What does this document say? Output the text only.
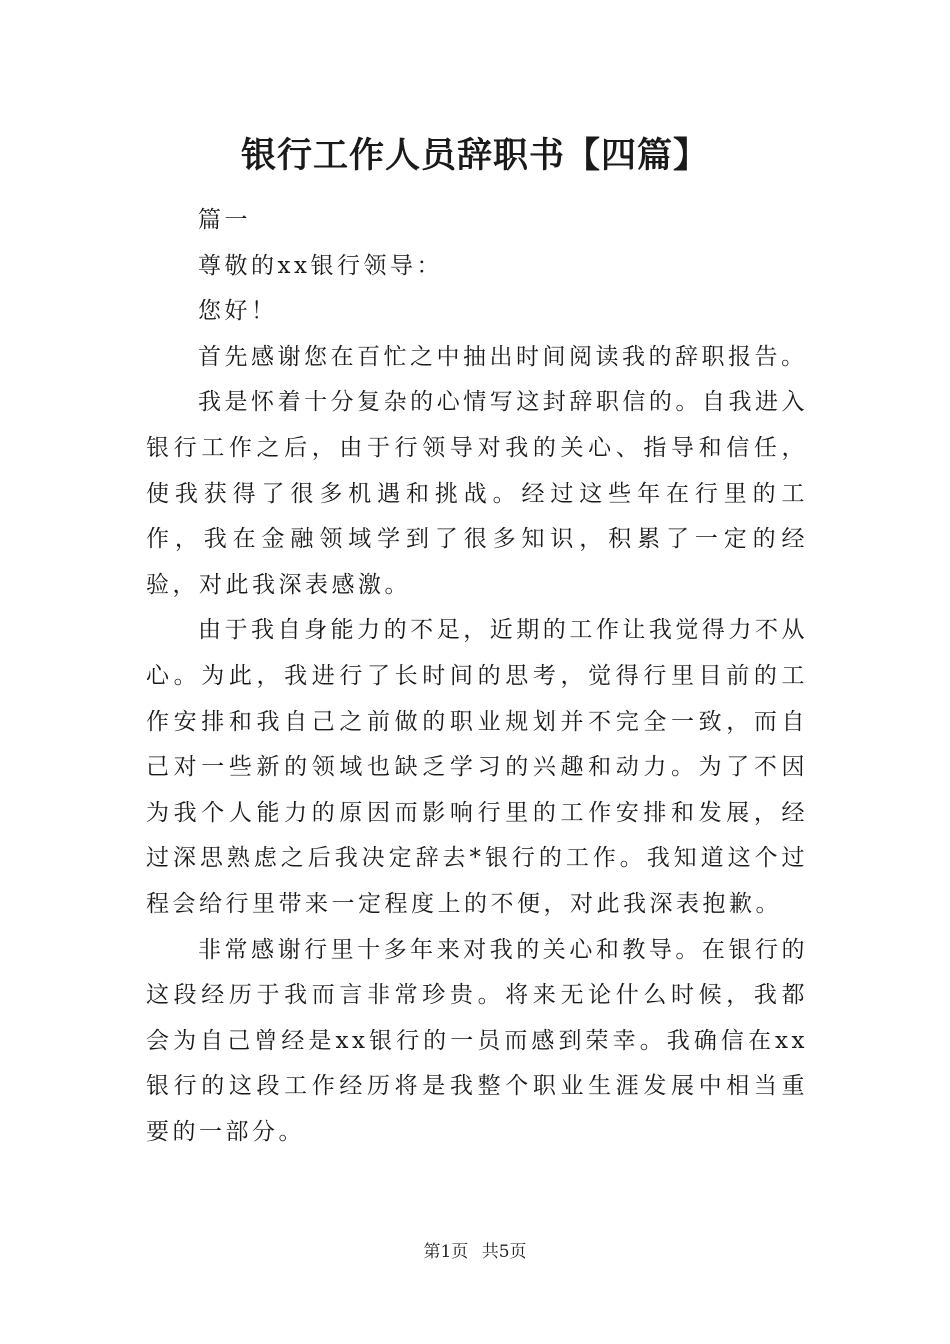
银行工作人员辞职书【四篇】

篇一

尊敬的xx银行领导：

您好！

首先感谢您在百忙之中抽出时间阅读我的辞职报告。

我是怀着十分复杂的心情写这封辞职信的。自我进入银行工作之后，由于行领导对我的关心、指导和信任，使我获得了很多机遇和挑战。经过这些年在行里的工作，我在金融领域学到了很多知识，积累了一定的经验，对此我深表感激。

由于我自身能力的不足，近期的工作让我觉得力不从心。为此，我进行了长时间的思考，觉得行里目前的工作安排和我自己之前做的职业规划并不完全一致，而自己对一些新的领域也缺乏学习的兴趣和动力。为了不因为我个人能力的原因而影响行里的工作安排和发展，经过深思熟虑之后我决定辞去*银行的工作。我知道这个过程会给行里带来一定程度上的不便，对此我深表抱歉。

非常感谢行里十多年来对我的关心和教导。在银行的这段经历于我而言非常珍贵。将来无论什么时候，我都会为自己曾经是xx银行的一员而感到荣幸。我确信在xx银行的这段工作经历将是我整个职业生涯发展中相当重要的一部分。

第1页 共5页
